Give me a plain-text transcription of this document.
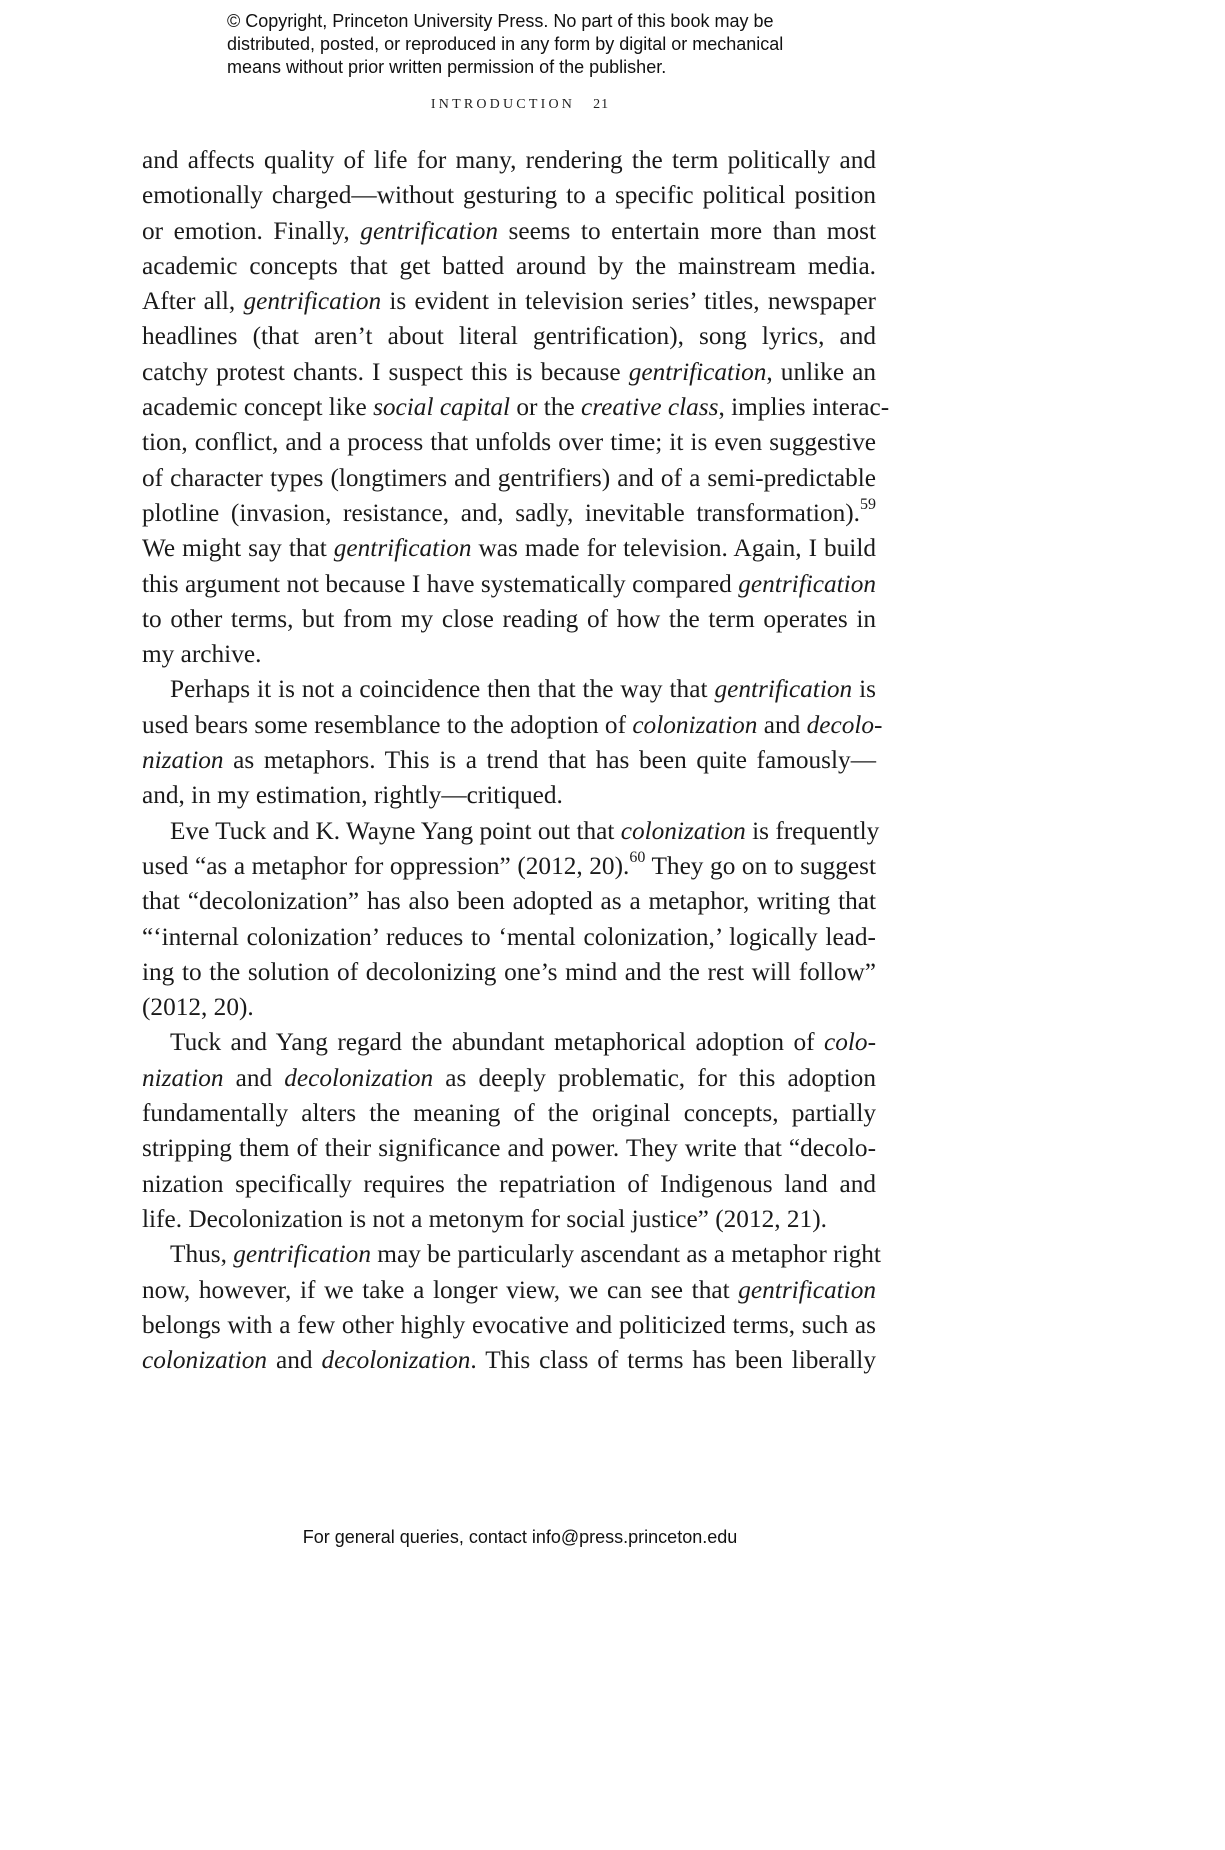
© Copyright, Princeton University Press. No part of this book may be
distributed, posted, or reproduced in any form by digital or mechanical
means without prior written permission of the publisher.
INTRODUCTION 21
and affects quality of life for many, rendering the term politically and
emotionally charged—without gesturing to a specific political position
or emotion. Finally, gentrification seems to entertain more than most
academic concepts that get batted around by the mainstream media.
After all, gentrification is evident in television series’ titles, newspaper
headlines (that aren’t about literal gentrification), song lyrics, and
catchy protest chants. I suspect this is because gentrification, unlike an
academic concept like social capital or the creative class, implies interac-
tion, conflict, and a process that unfolds over time; it is even suggestive
of character types (longtimers and gentrifiers) and of a semi-predictable
plotline (invasion, resistance, and, sadly, inevitable transformation).$^{59}$
We might say that gentrification was made for television. Again, I build
this argument not because I have systematically compared gentrification
to other terms, but from my close reading of how the term operates in
my archive.
Perhaps it is not a coincidence then that the way that gentrification is
used bears some resemblance to the adoption of colonization and decolo-
nization as metaphors. This is a trend that has been quite famously—
and, in my estimation, rightly—critiqued.
Eve Tuck and K. Wayne Yang point out that colonization is frequently
used “as a metaphor for oppression” (2012, 20).$^{60}$ They go on to suggest
that “decolonization” has also been adopted as a metaphor, writing that
“‘internal colonization’ reduces to ‘mental colonization,’ logically lead-
ing to the solution of decolonizing one’s mind and the rest will follow”
(2012, 20).
Tuck and Yang regard the abundant metaphorical adoption of colo-
nization and decolonization as deeply problematic, for this adoption
fundamentally alters the meaning of the original concepts, partially
stripping them of their significance and power. They write that “decolo-
nization specifically requires the repatriation of Indigenous land and
life. Decolonization is not a metonym for social justice” (2012, 21).
Thus, gentrification may be particularly ascendant as a metaphor right
now, however, if we take a longer view, we can see that gentrification
belongs with a few other highly evocative and politicized terms, such as
colonization and decolonization. This class of terms has been liberally
For general queries, contact info@press.princeton.edu
